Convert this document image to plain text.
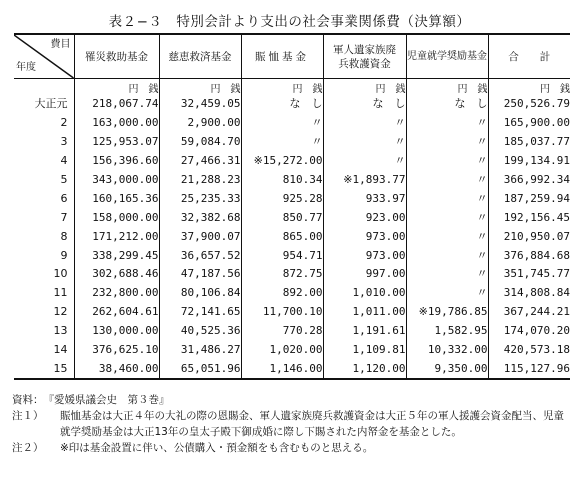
表２−３　特別会計より支出の社会事業関係費（決算額）
費目
年度	罹災救助基金	慈恵救済基金	賑恤基金	軍人遺家族廃兵救護資金	児童就学奨励基金	合　　計
	円　銭	円　銭	円　銭	円　銭	円　銭	円　銭
大正元	218,067.74	32,459.05	な　し	な　し	な　し	250,526.79
2	163,000.00	2,900.00	〃	〃	〃	165,900.00
3	125,953.07	59,084.70	〃	〃	〃	185,037.77
4	156,396.60	27,466.31	※15,272.00	〃	〃	199,134.91
5	343,000.00	21,288.23	810.34	※1,893.77	〃	366,992.34
6	160,165.36	25,235.33	925.28	933.97	〃	187,259.94
7	158,000.00	32,382.68	850.77	923.00	〃	192,156.45
8	171,212.00	37,900.07	865.00	973.00	〃	210,950.07
9	338,299.45	36,657.52	954.71	973.00	〃	376,884.68
10	302,688.46	47,187.56	872.75	997.00	〃	351,745.77
11	232,800.00	80,106.84	892.00	1,010.00	〃	314,808.84
12	262,604.61	72,141.65	11,700.10	1,011.00	※19,786.85	367,244.21
13	130,000.00	40,525.36	770.28	1,191.61	1,582.95	174,070.20
14	376,625.10	31,486.27	1,020.00	1,109.81	10,332.00	420,573.18
15	38,460.00	65,051.96	1,146.00	1,120.00	9,350.00	115,127.96
資料： 『愛媛県議会史　第３巻』
注１）	賑恤基金は大正４年の大礼の際の恩賜金、軍人遺家族廃兵救護資金は大正５年の軍人援護会資金配当、児童就学奨励基金は大正13年の皇太子殿下御成婚に際し下賜された内帑金を基金とした。
注２）	※印は基金設置に伴い、公債購入・預金額をも含むものと思える。
